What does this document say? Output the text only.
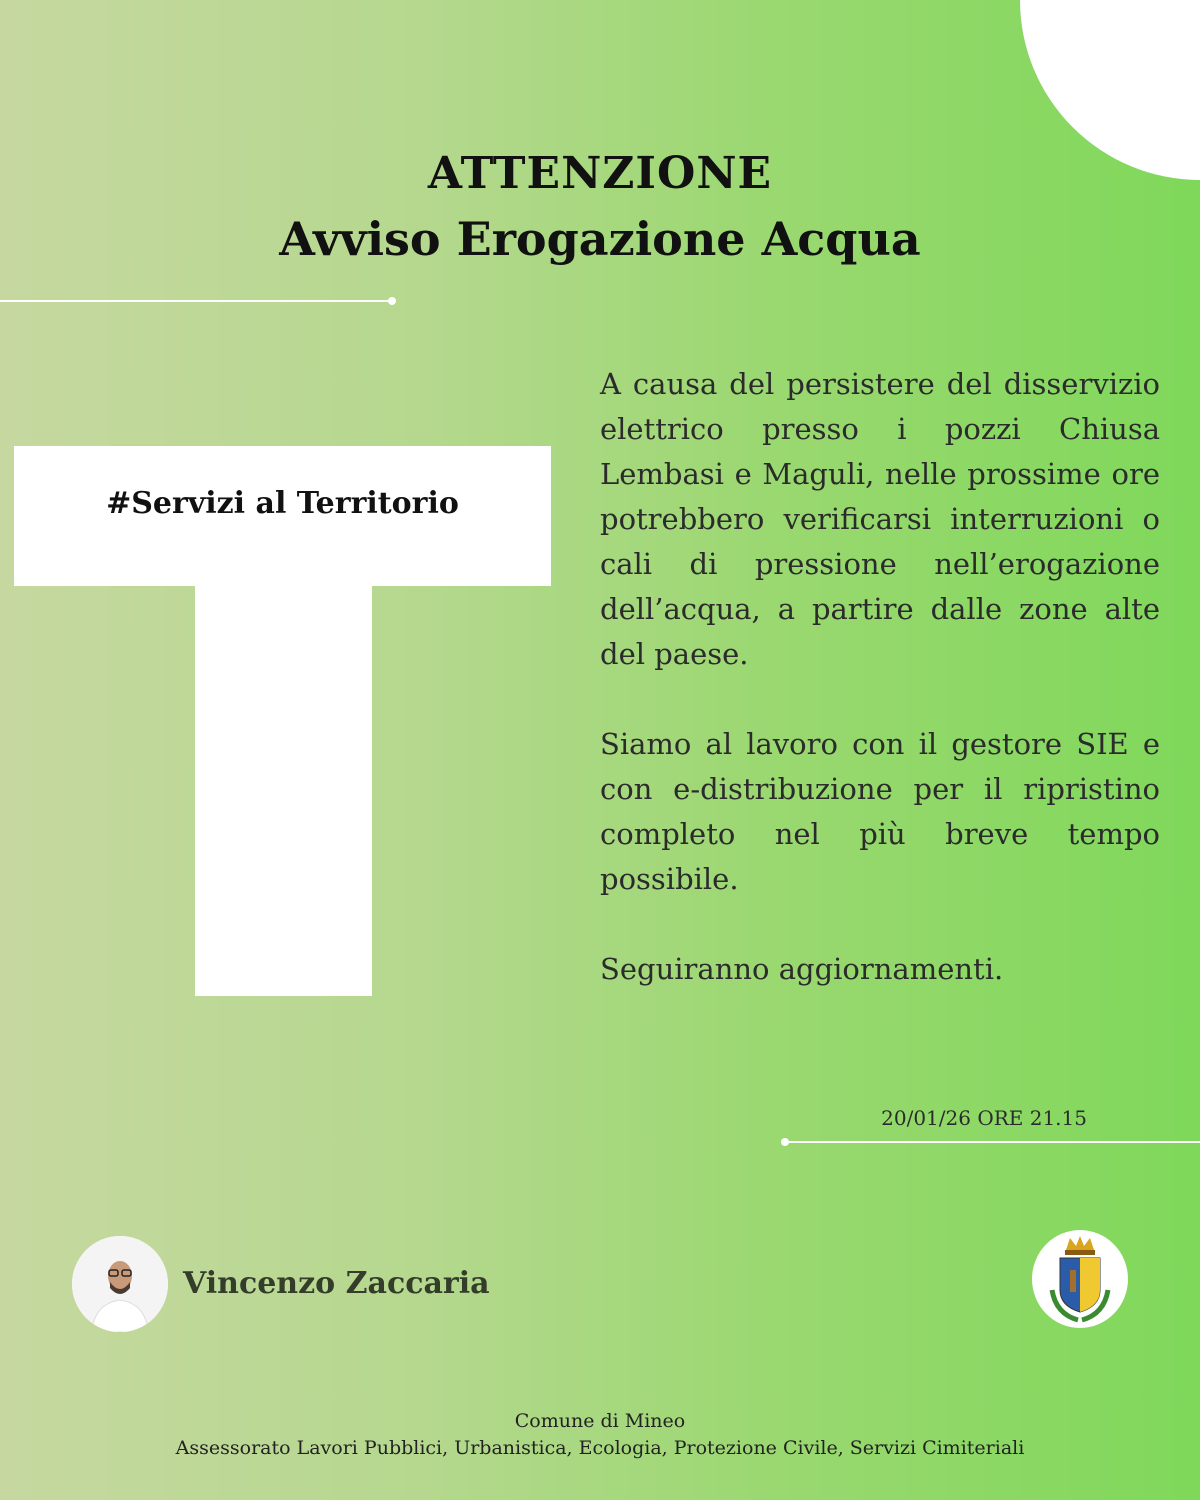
ATTENZIONE
Avviso Erogazione Acqua
#Servizi al Territorio

A causa del persistere del disservizio elettrico presso i pozzi Chiusa Lembasi e Maguli, nelle prossime ore potrebbero verificarsi interruzioni o cali di pressione nell’erogazione dell’acqua, a partire dalle zone alte del paese.

Siamo al lavoro con il gestore SIE e con e-distribuzione per il ripristino completo nel più breve tempo possibile.

Seguiranno aggiornamenti.

20/01/26 ORE 21.15
Vincenzo Zaccaria
Comune di Mineo
Assessorato Lavori Pubblici, Urbanistica, Ecologia, Protezione Civile, Servizi Cimiteriali
